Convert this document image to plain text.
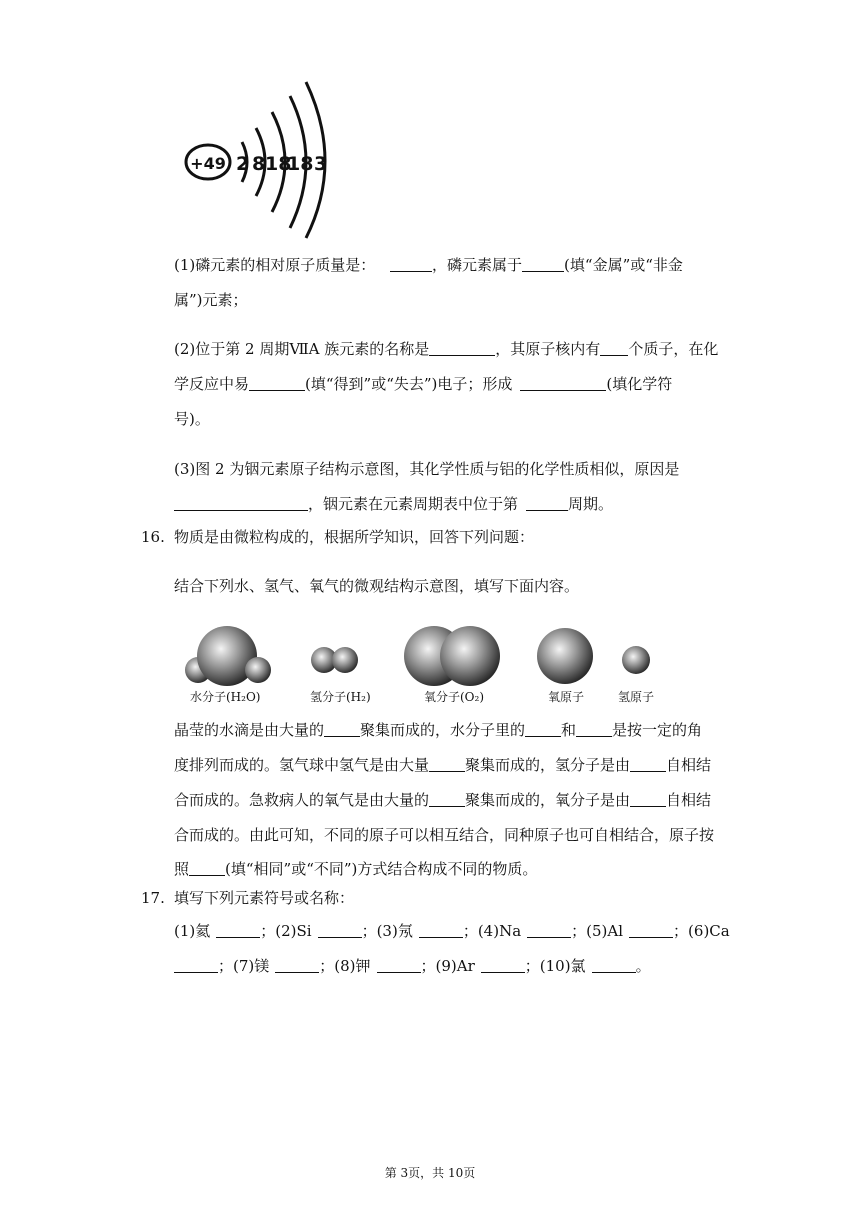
+49 2 8 18
18 3
(1)磷元素的相对原子质量是：	，磷元素属于	(填“金属”或“非金
属”)元素；
(2)位于第 2 周期ⅦA 族元素的名称是	，其原子核内有 个质子，在化
学反应中易	(填“得到”或“失去”)电子；形成	(填化学符
号)。
(3)图 2 为铟元素原子结构示意图，其化学性质与铝的化学性质相似，原因是
，铟元素在元素周期表中位于第	周期。
16. 物质是由微粒构成的，根据所学知识，回答下列问题：
结合下列水、氢气、氧气的微观结构示意图，填写下面内容。
水分子(H₂O)	氢分子(H₂)	氧分子(O₂)	氧原子	氢原子
晶莹的水滴是由大量的 聚集而成的，水分子里的 和 是按一定的角
度排列而成的。氢气球中氢气是由大量 聚集而成的，氢分子是由 自相结
合而成的。急救病人的氧气是由大量的 聚集而成的，氧分子是由 自相结
合而成的。由此可知，不同的原子可以相互结合，同种原子也可自相结合，原子按
照 (填“相同”或“不同”)方式结合构成不同的物质。
17. 填写下列元素符号或名称：
(1)氦	；(2)Si	；(3)氖	；(4)Na	；(5)Al	；(6)Ca
；(7)镁	；(8)钾	；(9)Ar	；(10)氯	。
第 3页，共 10页
